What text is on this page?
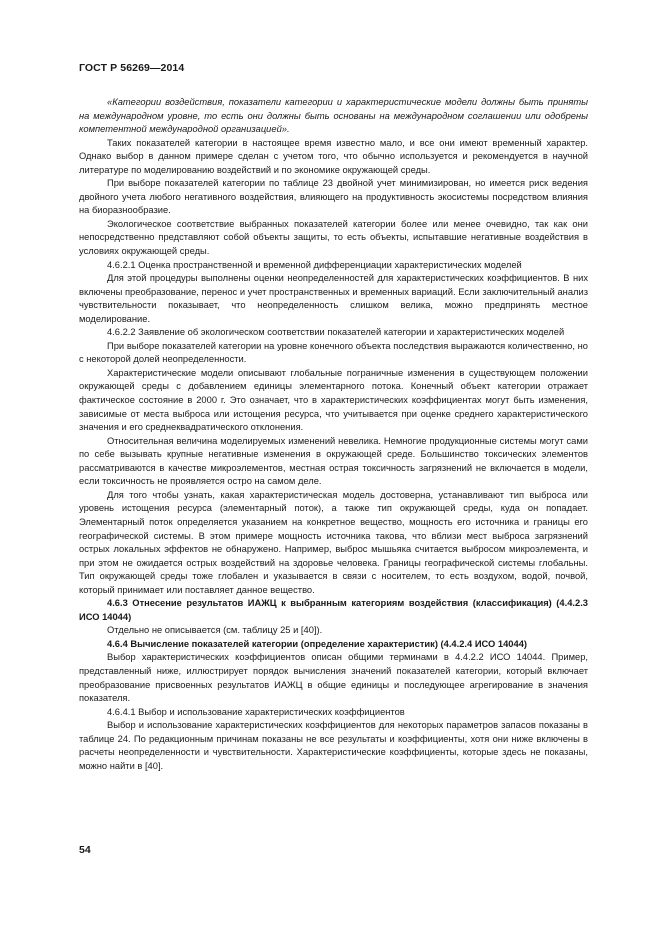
ГОСТ Р 56269—2014

«Категории воздействия, показатели категории и характеристические модели должны быть приняты на международном уровне, то есть они должны быть основаны на международном соглашении или одобрены компетентной международной организацией».

Таких показателей категории в настоящее время известно мало, и все они имеют временный характер. Однако выбор в данном примере сделан с учетом того, что обычно используется и рекомендуется в научной литературе по моделированию воздействий и по экономике окружающей среды.

При выборе показателей категории по таблице 23 двойной учет минимизирован, но имеется риск ведения двойного учета любого негативного воздействия, влияющего на продуктивность экосистемы посредством влияния на биоразнообразие.

Экологическое соответствие выбранных показателей категории более или менее очевидно, так как они непосредственно представляют собой объекты защиты, то есть объекты, испытавшие негативные воздействия в условиях окружающей среды.

4.6.2.1 Оценка пространственной и временной дифференциации характеристических моделей

Для этой процедуры выполнены оценки неопределенностей для характеристических коэффициентов. В них включены преобразование, перенос и учет пространственных и временных вариаций. Если заключительный анализ чувствительности показывает, что неопределенность слишком велика, можно предпринять местное моделирование.

4.6.2.2 Заявление об экологическом соответствии показателей категории и характеристических моделей

При выборе показателей категории на уровне конечного объекта последствия выражаются количественно, но с некоторой долей неопределенности.

Характеристические модели описывают глобальные пограничные изменения в существующем положении окружающей среды с добавлением единицы элементарного потока. Конечный объект категории отражает фактическое состояние в 2000 г. Это означает, что в характеристических коэффициентах могут быть изменения, зависимые от места выброса или истощения ресурса, что учитывается при оценке среднего характеристического значения и его среднеквадратического отклонения.

Относительная величина моделируемых изменений невелика. Немногие продукционные системы могут сами по себе вызывать крупные негативные изменения в окружающей среде. Большинство токсических элементов рассматриваются в качестве микроэлементов, местная острая токсичность загрязнений не включается в модели, если токсичность не проявляется остро на самом деле.

Для того чтобы узнать, какая характеристическая модель достоверна, устанавливают тип выброса или уровень истощения ресурса (элементарный поток), а также тип окружающей среды, куда он попадает. Элементарный поток определяется указанием на конкретное вещество, мощность его источника и границы его географической системы. В этом примере мощность источника такова, что вблизи мест выброса загрязнений острых локальных эффектов не обнаружено. Например, выброс мышьяка считается выбросом микроэлемента, и при этом не ожидается острых воздействий на здоровье человека. Границы географической системы глобальны. Тип окружающей среды тоже глобален и указывается в связи с носителем, то есть воздухом, водой, почвой, который принимает или поставляет данное вещество.

4.6.3 Отнесение результатов ИАЖЦ к выбранным категориям воздействия (классификация) (4.4.2.3 ИСО 14044)

Отдельно не описывается (см. таблицу 25 и [40]).

4.6.4 Вычисление показателей категории (определение характеристик) (4.4.2.4 ИСО 14044)

Выбор характеристических коэффициентов описан общими терминами в 4.4.2.2 ИСО 14044. Пример, представленный ниже, иллюстрирует порядок вычисления значений показателей категории, который включает преобразование присвоенных результатов ИАЖЦ в общие единицы и последующее агрегирование в значения показателя.

4.6.4.1 Выбор и использование характеристических коэффициентов

Выбор и использование характеристических коэффициентов для некоторых параметров запасов показаны в таблице 24. По редакционным причинам показаны не все результаты и коэффициенты, хотя они ниже включены в расчеты неопределенности и чувствительности. Характеристические коэффициенты, которые здесь не показаны, можно найти в [40].

54
